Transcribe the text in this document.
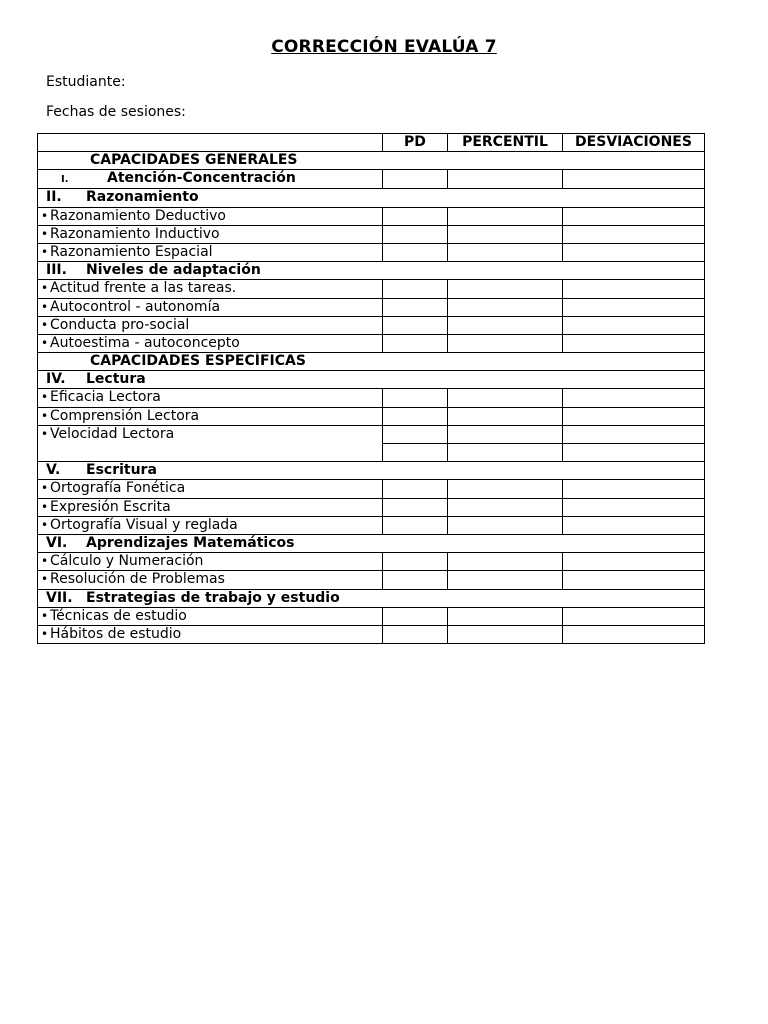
CORRECCIÓN EVALÚA 7
Estudiante:
Fechas de sesiones:
	PD	PERCENTIL	DESVIACIONES
CAPACIDADES GENERALES			
I. Atención-Concentración			
II. Razonamiento			
• Razonamiento Deductivo			
• Razonamiento Inductivo			
• Razonamiento Espacial			
III. Niveles de adaptación			
• Actitud frente a las tareas.			
• Autocontrol - autonomía			
• Conducta pro-social			
• Autoestima - autoconcepto			
CAPACIDADES ESPECÍFICAS			
IV. Lectura			
• Eficacia Lectora			
• Comprensión Lectora			
• Velocidad Lectora			

V. Escritura			
• Ortografía Fonética			
• Expresión Escrita			
• Ortografía Visual y reglada			
VI. Aprendizajes Matemáticos			
• Cálculo y Numeración			
• Resolución de Problemas			
VII. Estrategias de trabajo y estudio			
• Técnicas de estudio			
• Hábitos de estudio			
